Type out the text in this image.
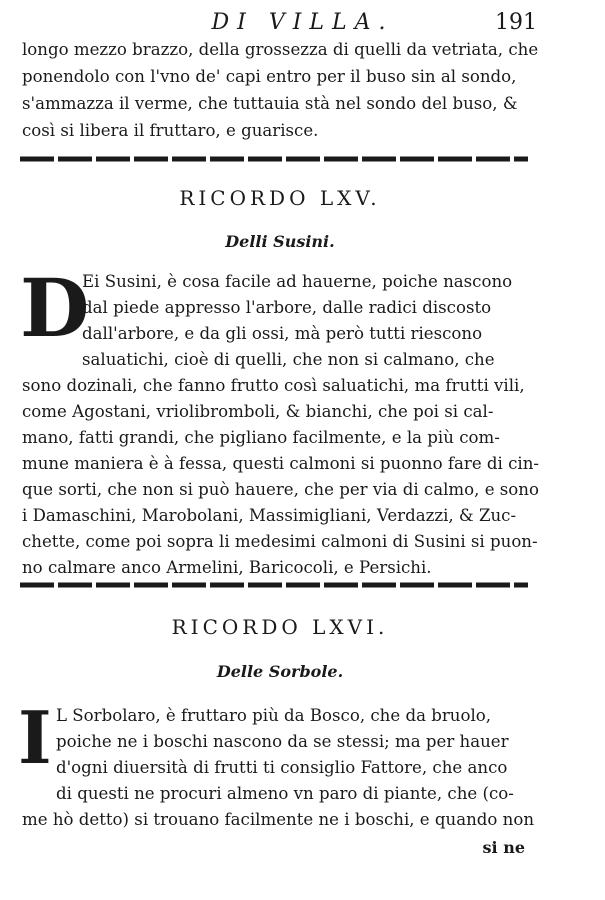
DI VILLA.	191
longo mezzo brazzo, della grossezza di quelli da vetriata, che
ponendolo con l'vno de' capi entro per il buso sin al sondo,
s'ammazza il verme, che tuttauia stà nel sondo del buso, &
così si libera il fruttaro, e guarisce.
RICORDO LXV.
Delli Susini.
D
Ei Susini, è cosa facile ad hauerne, poiche nascono
dal piede appresso l'arbore, dalle radici discosto
dall'arbore, e da gli ossi, mà però tutti riescono
saluatichi, cioè di quelli, che non si calmano, che
sono dozinali, che fanno frutto così saluatichi, ma frutti vili,
come Agostani, vriolibromboli, & bianchi, che poi si cal-
mano, fatti grandi, che pigliano facilmente, e la più com-
mune maniera è à fessa, questi calmoni si puonno fare di cin-
que sorti, che non si può hauere, che per via di calmo, e sono
i Damaschini, Marobolani, Massimigliani, Verdazzi, & Zuc-
chette, come poi sopra li medesimi calmoni di Susini si puon-
no calmare anco Armelini, Baricocoli, e Persichi.
RICORDO LXVI.
Delle Sorbole.
I L Sorbolaro, è fruttaro più da Bosco, che da bruolo,
poiche ne i boschi nascono da se stessi; ma per hauer
d'ogni diuersità di frutti ti consiglio Fattore, che anco
di questi ne procuri almeno vn paro di piante, che (co-
me hò detto) si trouano facilmente ne i boschi, e quando non
si ne
